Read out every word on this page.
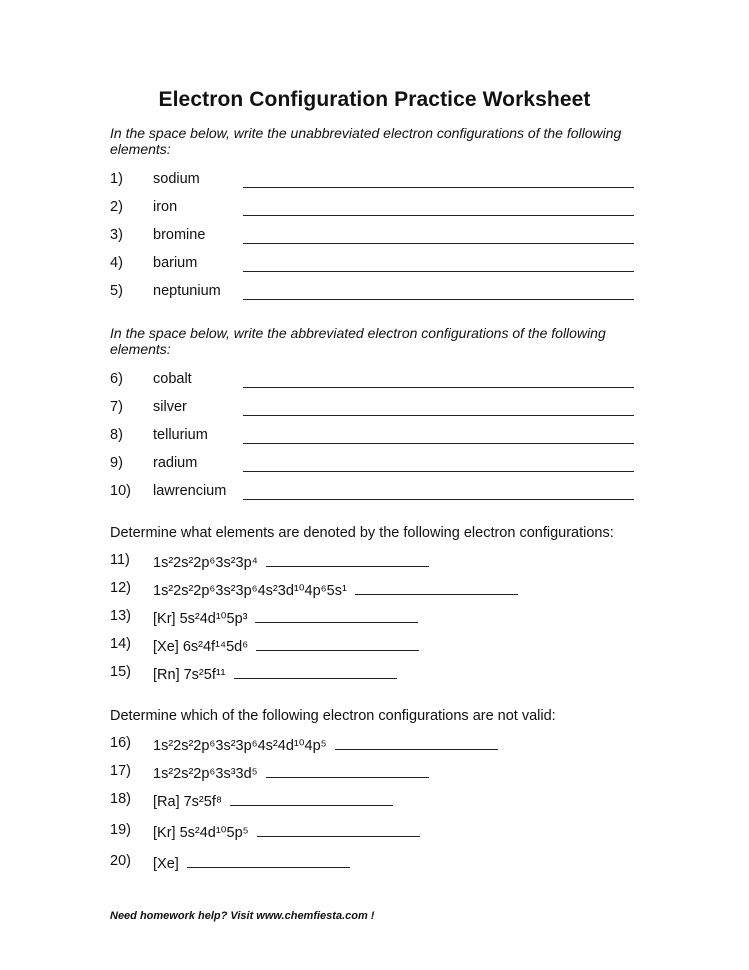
Electron Configuration Practice Worksheet
In the space below, write the unabbreviated electron configurations of the following elements:
1) sodium
2) iron
3) bromine
4) barium
5) neptunium
In the space below, write the abbreviated electron configurations of the following elements:
6) cobalt
7) silver
8) tellurium
9) radium
10) lawrencium
Determine what elements are denoted by the following electron configurations:
11) 1s²2s²2p⁶3s²3p⁴
12) 1s²2s²2p⁶3s²3p⁶4s²3d¹⁰4p⁶5s¹
13) [Kr] 5s²4d¹⁰5p³
14) [Xe] 6s²4f¹⁴5d⁶
15) [Rn] 7s²5f¹¹
Determine which of the following electron configurations are not valid:
16) 1s²2s²2p⁶3s²3p⁶4s²4d¹⁰4p⁵
17) 1s²2s²2p⁶3s³3d⁵
18) [Ra] 7s²5f⁸
19) [Kr] 5s²4d¹⁰5p⁵
20) [Xe]
Need homework help? Visit www.chemfiesta.com !
